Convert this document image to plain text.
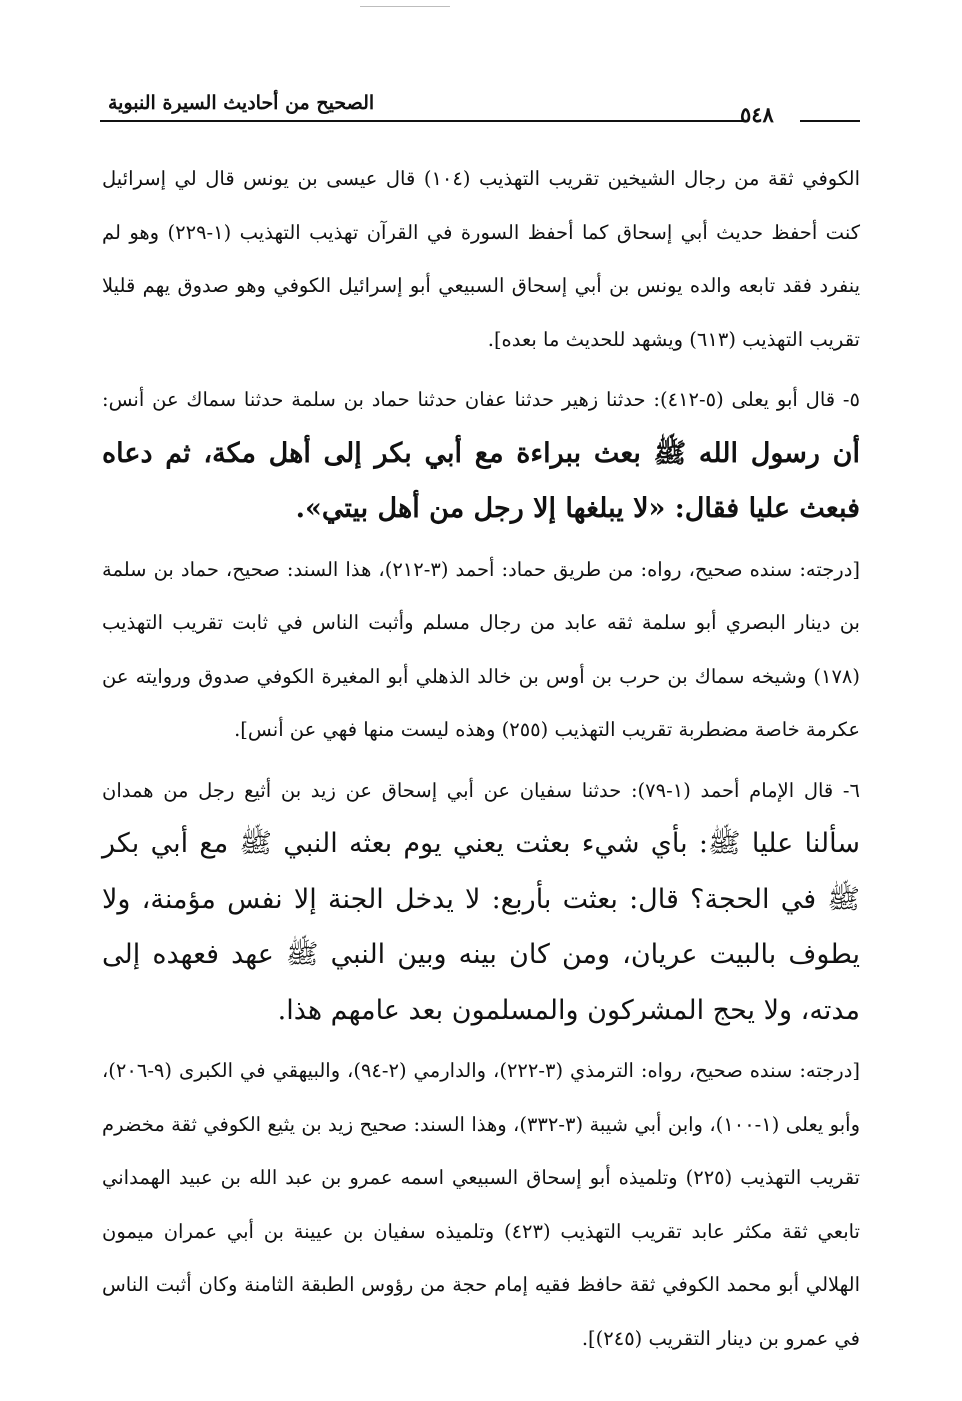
الصحيح من أحاديث السيرة النبوية	٥٤٨

الكوفي ثقة من رجال الشيخين تقريب التهذيب (١٠٤) قال عيسى بن يونس قال لي إسرائيل كنت أحفظ حديث أبي إسحاق كما أحفظ السورة في القرآن تهذيب التهذيب (١-٢٢٩) وهو لم ينفرد فقد تابعه والده يونس بن أبي إسحاق السبيعي أبو إسرائيل الكوفي وهو صدوق يهم قليلا تقريب التهذيب (٦١٣) ويشهد للحديث ما بعده].

٥- قال أبو يعلى (٥-٤١٢): حدثنا زهير حدثنا عفان حدثنا حماد بن سلمة حدثنا سماك عن أنس: أن رسول الله ﷺ بعث ببراءة مع أبي بكر إلى أهل مكة، ثم دعاه فبعث عليا فقال: «لا يبلغها إلا رجل من أهل بيتي».

[درجته: سنده صحيح، رواه: من طريق حماد: أحمد (٣-٢١٢)، هذا السند: صحيح، حماد بن سلمة بن دينار البصري أبو سلمة ثقه عابد من رجال مسلم وأثبت الناس في ثابت تقريب التهذيب (١٧٨) وشيخه سماك بن حرب بن أوس بن خالد الذهلي أبو المغيرة الكوفي صدوق وروايته عن عكرمة خاصة مضطربة تقريب التهذيب (٢٥٥) وهذه ليست منها فهي عن أنس].

٦- قال الإمام أحمد (١-٧٩): حدثنا سفيان عن أبي إسحاق عن زيد بن أثيع رجل من همدان سألنا عليا ﷺ: بأي شيء بعثت يعني يوم بعثه النبي ﷺ مع أبي بكر ﷺ في الحجة؟ قال: بعثت بأربع: لا يدخل الجنة إلا نفس مؤمنة، ولا يطوف بالبيت عريان، ومن كان بينه وبين النبي ﷺ عهد فعهده إلى مدته، ولا يحج المشركون والمسلمون بعد عامهم هذا.

[درجته: سنده صحيح، رواه: الترمذي (٣-٢٢٢)، والدارمي (٢-٩٤)، والبيهقي في الكبرى (٩-٢٠٦)، وأبو يعلى (١-١٠٠)، وابن أبي شيبة (٣-٣٣٢)، وهذا السند: صحيح زيد بن يثيع الكوفي ثقة مخضرم تقريب التهذيب (٢٢٥) وتلميذه أبو إسحاق السبيعي اسمه عمرو بن عبد الله بن عبيد الهمداني تابعي ثقة مكثر عابد تقريب التهذيب (٤٢٣) وتلميذه سفيان بن عيينة بن أبي عمران ميمون الهلالي أبو محمد الكوفي ثقة حافظ فقيه إمام حجة من رؤوس الطبقة الثامنة وكان أثبت الناس في عمرو بن دينار التقريب (٢٤٥)].
